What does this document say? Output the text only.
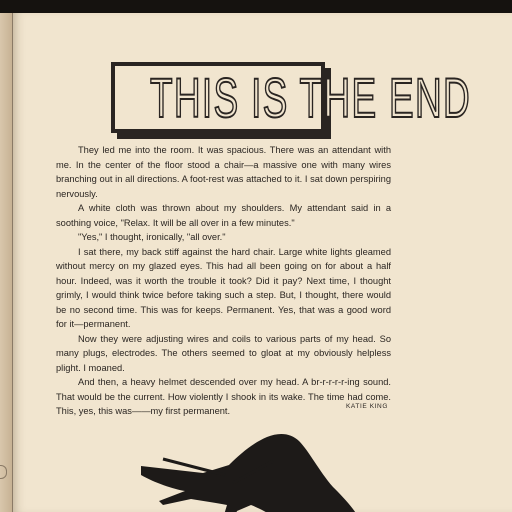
THIS IS THE END

They led me into the room. It was spacious. There was an attendant with me. In the center of the floor stood a chair—a massive one with many wires branching out in all directions. A foot-rest was attached to it. I sat down perspiring nervously.

A white cloth was thrown about my shoulders. My attendant said in a soothing voice, "Relax. It will be all over in a few minutes."

"Yes," I thought, ironically, "all over."

I sat there, my back stiff against the hard chair. Large white lights gleamed without mercy on my glazed eyes. This had all been going on for about a half hour. Indeed, was it worth the trouble it took? Did it pay? Next time, I thought grimly, I would think twice before taking such a step. But, I thought, there would be no second time. This was for keeps. Permanent. Yes, that was a good word for it—permanent.

Now they were adjusting wires and coils to various parts of my head. So many plugs, electrodes. The others seemed to gloat at my obviously helpless plight. I moaned.

And then, a heavy helmet descended over my head. A br-r-r-r-r-ing sound. That would be the current. How violently I shook in its wake. The time had come. This, yes, this was——my first permanent.	KATIE KING
